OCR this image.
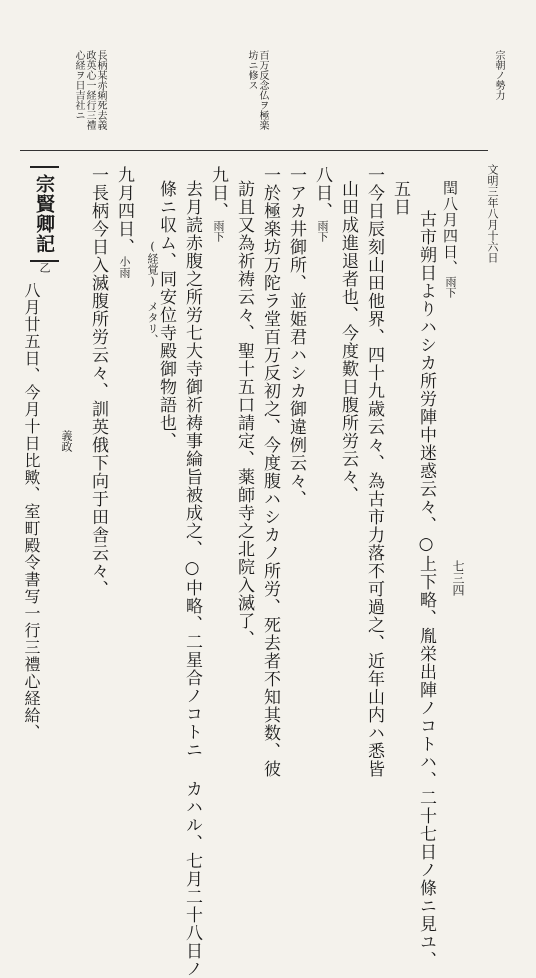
宗朝ノ勢力
百万反念仏ヲ極楽坊ニ修ス
長柄某赤痢死去義政英心一経行三禮心経ヲ日吉社ニ
文明三年八月十六日
七三四
閏八月四日、雨下
古市朔日よりハシカ所労陣中迷惑云々、○上下略、胤栄出陣ノコトハ、二十七日ノ條ニ見ユ、
五日
一今日辰刻山田他界、四十九歳云々、為古市力落不可過之、近年山内ハ悉皆
山田成進退者也、今度歎日腹所労云々、
八日、雨下
一アカ井御所、並姫君ハシカ御違例云々、
一於極楽坊万陀ラ堂百万反初之、今度腹ハシカノ所労、死去者不知其数、彼
訪且又為祈祷云々、聖十五口請定、薬師寺之北院入滅了、
九日、雨下
去月読赤腹之所労七大寺御祈祷事綸旨被成之、○中略、二星合ノコトニ カハル、七月二十八日ノ
條ニ収ム、同安位寺殿御物語也、
(経覚) メタリ、
九月四日、小雨
一長柄今日入滅腹所労云々、訓英俄下向于田舎云々、
八月廿五日、今月十日比歟、室町殿令書写一行三禮心経給、
宗賢卿記
乙
義政
